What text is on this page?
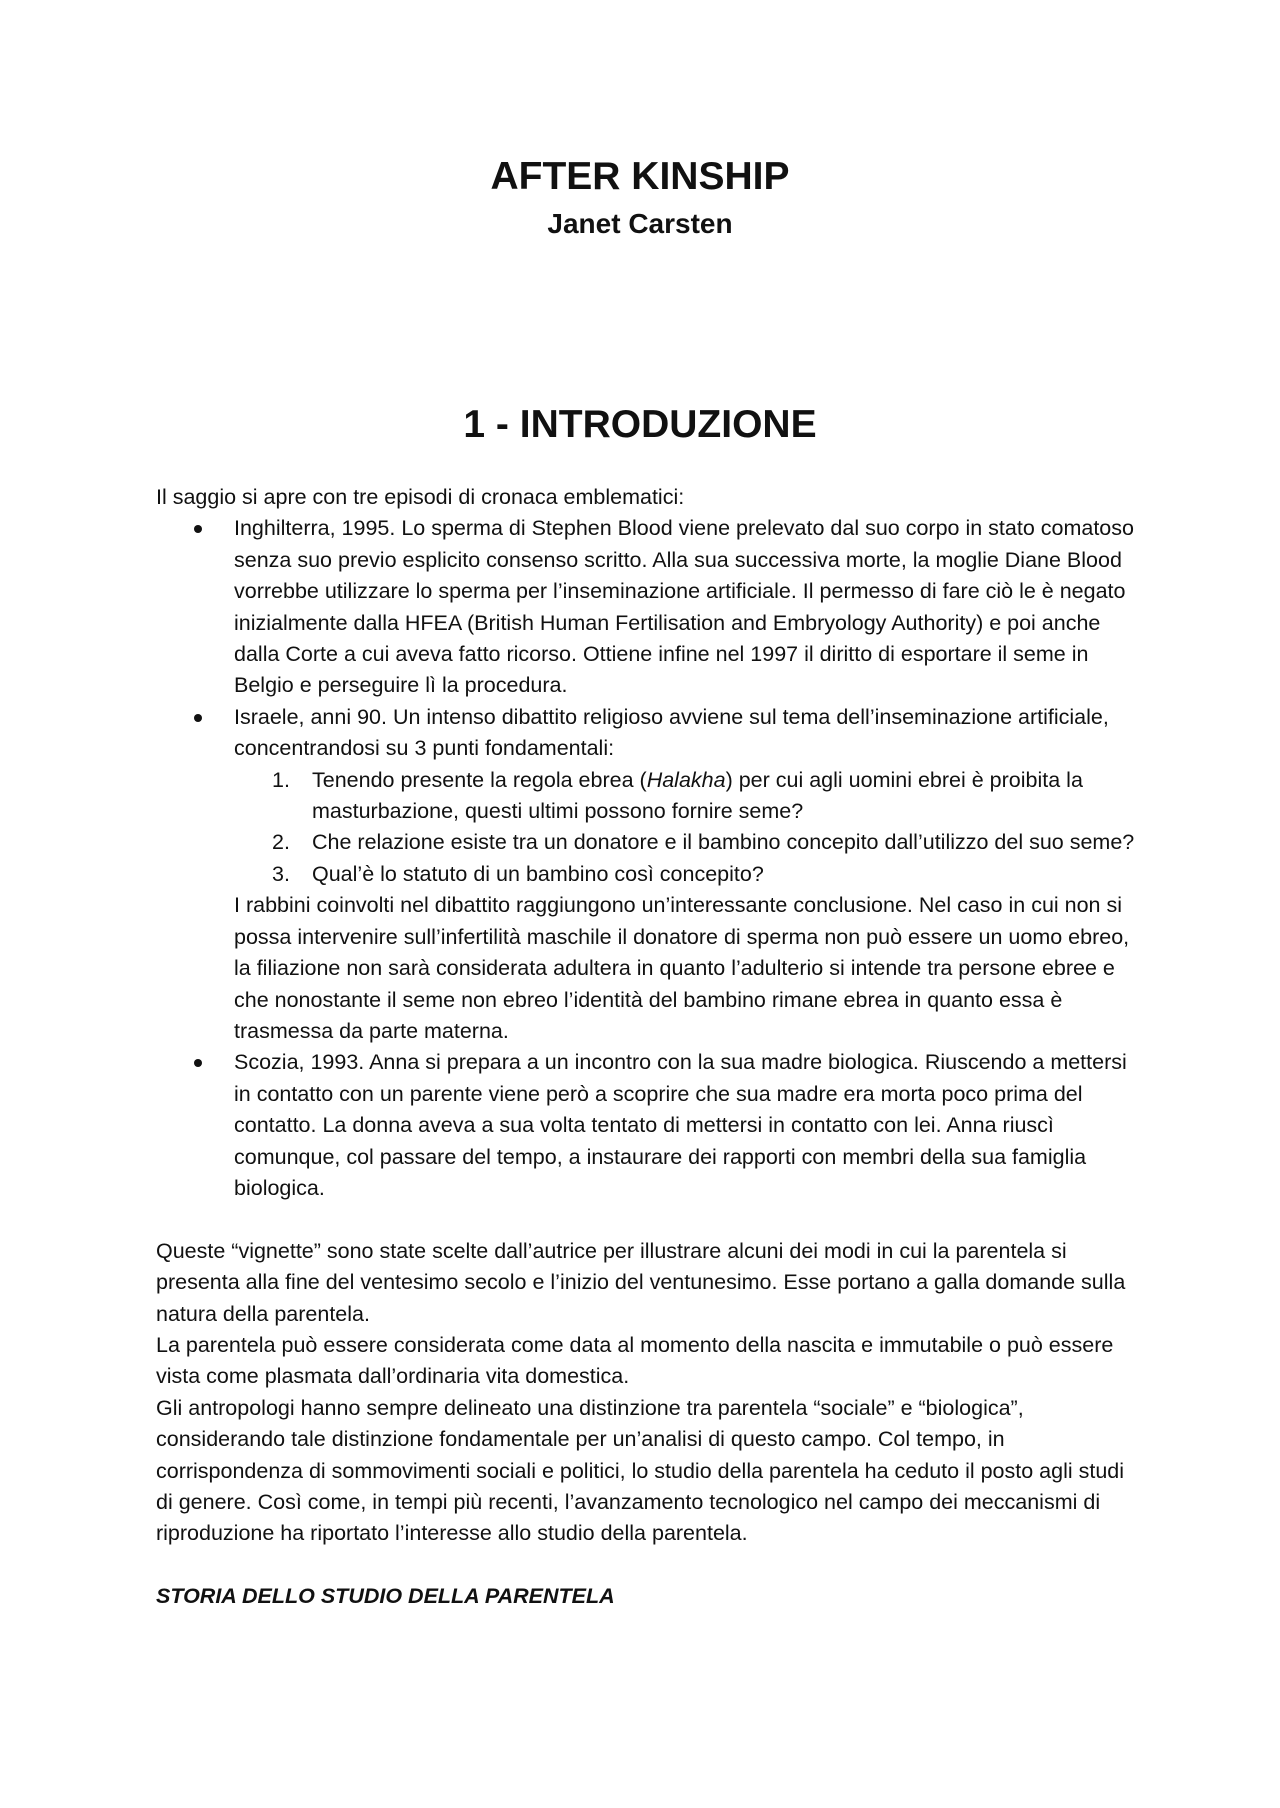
AFTER KINSHIP
Janet Carsten
1 - INTRODUZIONE

Il saggio si apre con tre episodi di cronaca emblematici:

Inghilterra, 1995. Lo sperma di Stephen Blood viene prelevato dal suo corpo in stato comatoso senza suo previo esplicito consenso scritto. Alla sua successiva morte, la moglie Diane Blood vorrebbe utilizzare lo sperma per l’inseminazione artificiale. Il permesso di fare ciò le è negato inizialmente dalla HFEA (British Human Fertilisation and Embryology Authority) e poi anche dalla Corte a cui aveva fatto ricorso. Ottiene infine nel 1997 il diritto di esportare il seme in Belgio e perseguire lì la procedura.
Israele, anni 90. Un intenso dibattito religioso avviene sul tema dell’inseminazione artificiale, concentrandosi su 3 punti fondamentali:
1. Tenendo presente la regola ebrea (Halakha) per cui agli uomini ebrei è proibita la masturbazione, questi ultimi possono fornire seme?
2. Che relazione esiste tra un donatore e il bambino concepito dall’utilizzo del suo seme?
3. Qual’è lo statuto di un bambino così concepito?

I rabbini coinvolti nel dibattito raggiungono un’interessante conclusione. Nel caso in cui non si possa intervenire sull’infertilità maschile il donatore di sperma non può essere un uomo ebreo, la filiazione non sarà considerata adultera in quanto l’adulterio si intende tra persone ebree e che nonostante il seme non ebreo l’identità del bambino rimane ebrea in quanto essa è trasmessa da parte materna.

Scozia, 1993. Anna si prepara a un incontro con la sua madre biologica. Riuscendo a mettersi in contatto con un parente viene però a scoprire che sua madre era morta poco prima del contatto. La donna aveva a sua volta tentato di mettersi in contatto con lei. Anna riuscì comunque, col passare del tempo, a instaurare dei rapporti con membri della sua famiglia biologica.

Queste “vignette” sono state scelte dall’autrice per illustrare alcuni dei modi in cui la parentela si presenta alla fine del ventesimo secolo e l’inizio del ventunesimo. Esse portano a galla domande sulla natura della parentela.

La parentela può essere considerata come data al momento della nascita e immutabile o può essere vista come plasmata dall’ordinaria vita domestica.

Gli antropologi hanno sempre delineato una distinzione tra parentela “sociale” e “biologica”, considerando tale distinzione fondamentale per un’analisi di questo campo. Col tempo, in corrispondenza di sommovimenti sociali e politici, lo studio della parentela ha ceduto il posto agli studi di genere. Così come, in tempi più recenti, l’avanzamento tecnologico nel campo dei meccanismi di riproduzione ha riportato l’interesse allo studio della parentela.

STORIA DELLO STUDIO DELLA PARENTELA
